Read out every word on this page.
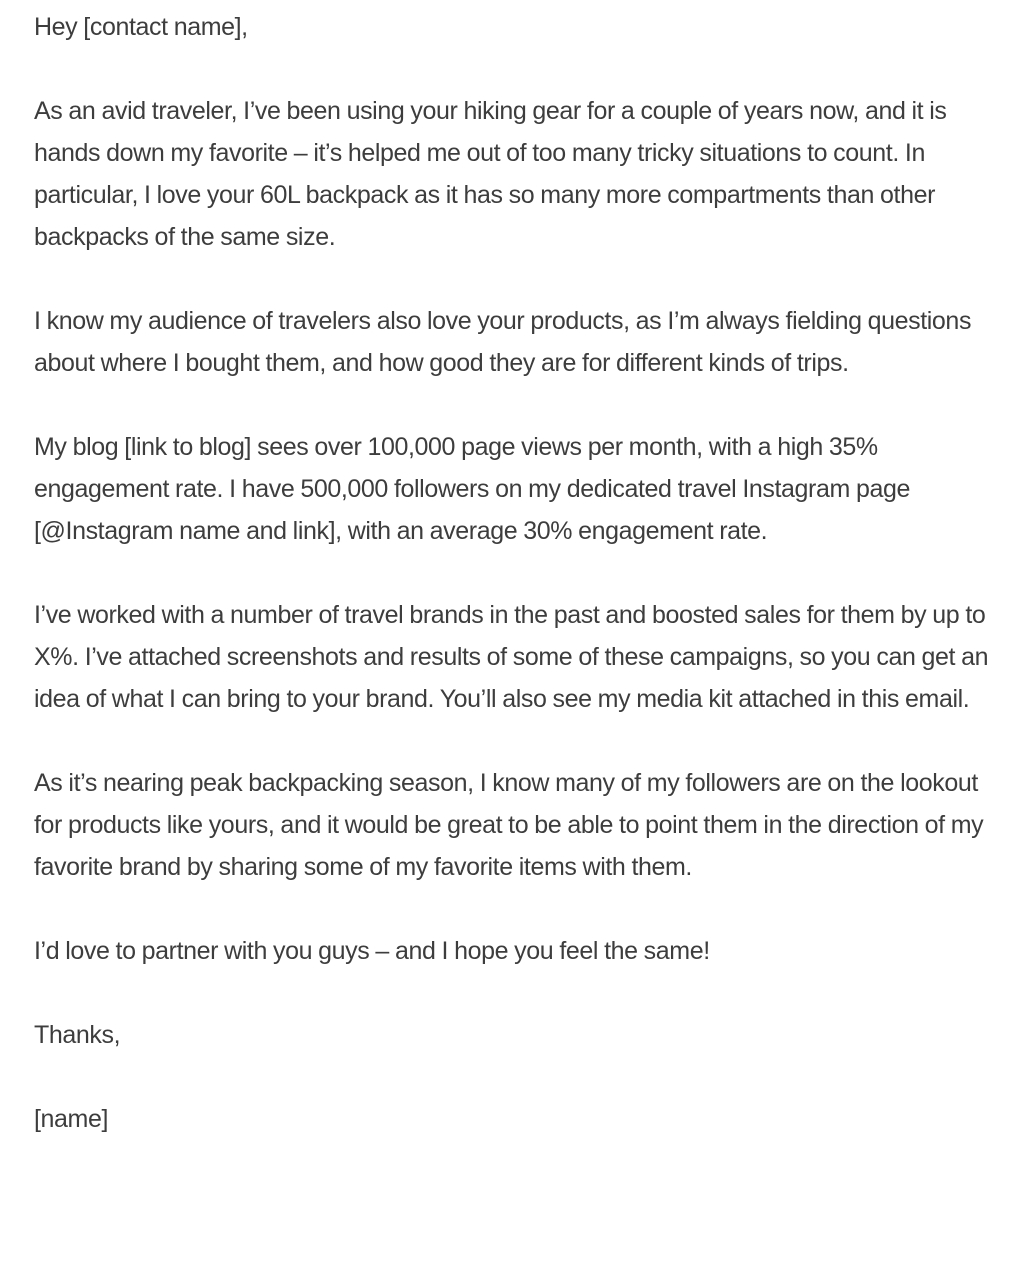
Hey [contact name],

As an avid traveler, I’ve been using your hiking gear for a couple of years now, and it is hands down my favorite – it’s helped me out of too many tricky situations to count. In particular, I love your 60L backpack as it has so many more compartments than other backpacks of the same size.

I know my audience of travelers also love your products, as I’m always fielding questions about where I bought them, and how good they are for different kinds of trips.

My blog [link to blog] sees over 100,000 page views per month, with a high 35% engagement rate. I have 500,000 followers on my dedicated travel Instagram page [@Instagram name and link], with an average 30% engagement rate.

I’ve worked with a number of travel brands in the past and boosted sales for them by up to X%. I’ve attached screenshots and results of some of these campaigns, so you can get an idea of what I can bring to your brand. You’ll also see my media kit attached in this email.

As it’s nearing peak backpacking season, I know many of my followers are on the lookout for products like yours, and it would be great to be able to point them in the direction of my favorite brand by sharing some of my favorite items with them.

I’d love to partner with you guys – and I hope you feel the same!

Thanks,

[name]
